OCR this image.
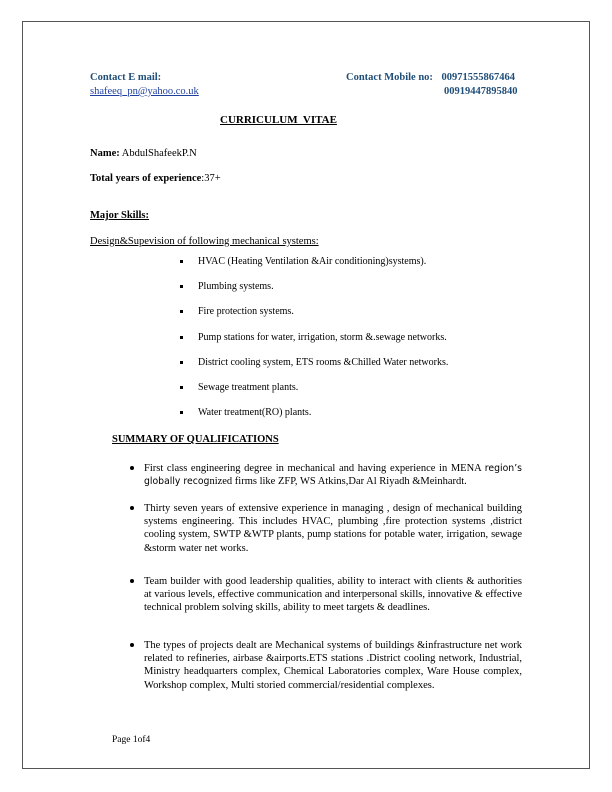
Contact E mail:
shafeeq_pn@yahoo.co.uk
Contact Mobile no: 00971555867464
00919447895840
CURRICULUM  VITAE
Name: AbdulShafeekP.N
Total years of experience:37+
Major Skills:
Design&Supevision of following mechanical systems:
HVAC (Heating Ventilation &Air conditioning)systems).
Plumbing systems.
Fire protection systems.
Pump stations for water, irrigation, storm &.sewage networks.
District cooling system, ETS rooms &Chilled Water networks.
Sewage treatment plants.
Water treatment(RO) plants.
SUMMARY OF QUALIFICATIONS
First class engineering degree in mechanical and having experience in MENA region’s globally recognized firms like ZFP, WS Atkins,Dar Al Riyadh &Meinhardt.
Thirty seven years of extensive experience in managing , design of mechanical building systems engineering. This includes HVAC, plumbing ,fire protection systems ,district cooling system, SWTP &WTP plants, pump stations for potable water, irrigation, sewage &storm water net works.
Team builder with good leadership qualities, ability to interact with clients & authorities at various levels, effective communication and interpersonal skills, innovative & effective technical problem solving skills, ability to meet targets & deadlines.
The types of projects dealt are Mechanical systems of buildings &infrastructure net work related to refineries, airbase &airports.ETS stations .District cooling network, Industrial, Ministry headquarters complex, Chemical Laboratories complex, Ware House complex, Workshop complex, Multi storied commercial/residential complexes.
Page 1of4
